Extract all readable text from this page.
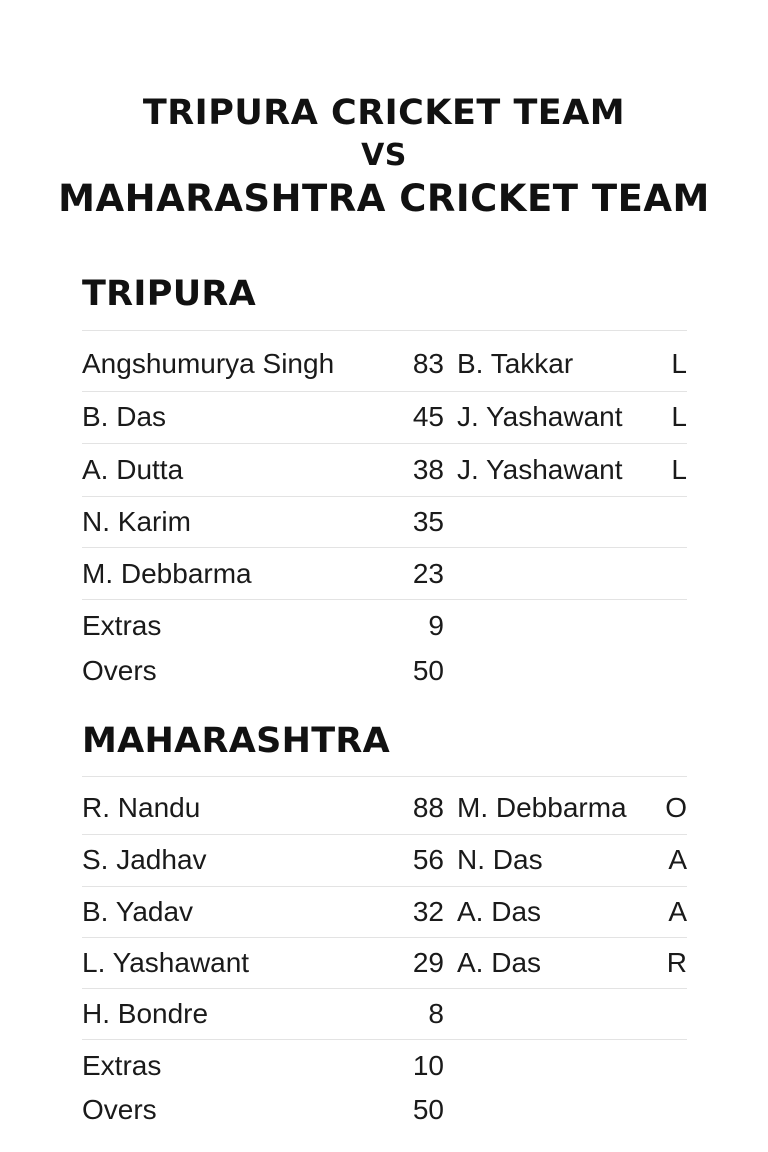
TRIPURA CRICKET TEAM
VS
MAHARASHTRA CRICKET TEAM
TRIPURA
Angshumurya Singh	83 B. Takkar	L
B. Das	45 J. Yashawant L
A. Dutta	38 J. Yashawant L
N. Karim	35
M. Debbarma	23
Extras	9
Overs	50
MAHARASHTRA
R. Nandu	88 M. Debbarma O
S. Jadhav	56 N. Das	A
B. Yadav	32 A. Das	A
L. Yashawant	29 A. Das	R
H. Bondre	8
Extras	10
Overs	50
